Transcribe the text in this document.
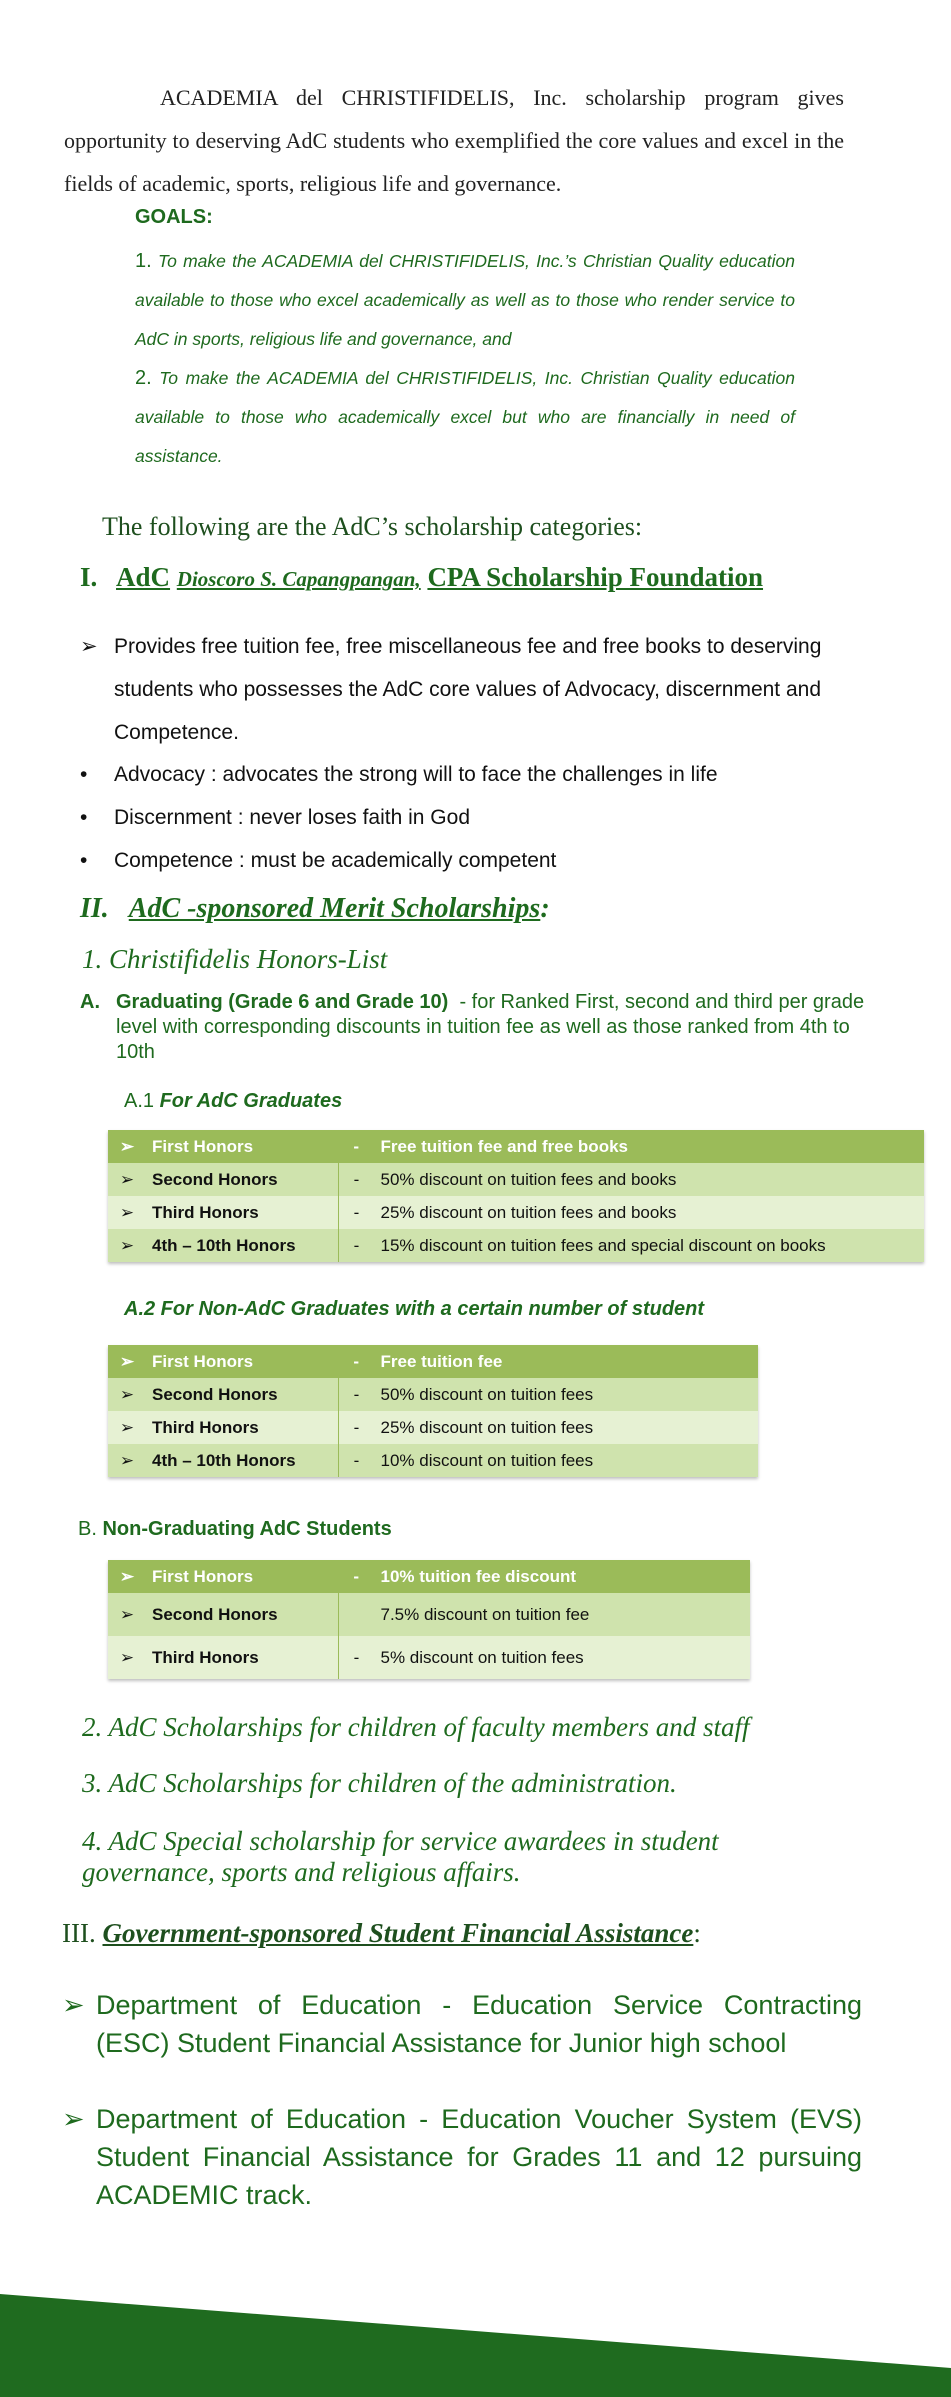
ACADEMIA del CHRISTIFIDELIS, Inc. scholarship program gives opportunity to deserving AdC students who exemplified the core values and excel in the fields of academic, sports, religious life and governance.

GOALS:
1. To make the ACADEMIA del CHRISTIFIDELIS, Inc.’s Christian Quality education available to those who excel academically as well as to those who render service to AdC in sports, religious life and governance, and
2. To make the ACADEMIA del CHRISTIFIDELIS, Inc. Christian Quality education available to those who academically excel but who are financially in need of assistance.
The following are the AdC’s scholarship categories:
I. AdC Dioscoro S. Capangpangan, CPA Scholarship Foundation
➢ Provides free tuition fee, free miscellaneous fee and free books to deserving students who possesses the AdC core values of Advocacy, discernment and Competence.
•	Advocacy : advocates the strong will to face the challenges in life
•	Discernment : never loses faith in God
•	Competence : must be academically competent
II. AdC -sponsored Merit Scholarships:
1. Christifidelis Honors-List
A. Graduating (Grade 6 and Grade 10) - for Ranked First, second and third per grade level with corresponding discounts in tuition fee as well as those ranked from 4th to 10th
A.1 For AdC Graduates
➢	First Honors	-	Free tuition fee and free books
➢	Second Honors	-	50% discount on tuition fees and books
➢	Third Honors	-	25% discount on tuition fees and books
➢	4th – 10th Honors	-	15% discount on tuition fees and special discount on books
A.2 For Non-AdC Graduates with a certain number of student
➢	First Honors	-	Free tuition fee
➢	Second Honors	-	50% discount on tuition fees
➢	Third Honors	-	25% discount on tuition fees
➢	4th – 10th Honors	-	10% discount on tuition fees
B. Non-Graduating AdC Students
➢	First Honors	-	10% tuition fee discount
➢	Second Honors		7.5% discount on tuition fee
➢	Third Honors	-	5% discount on tuition fees
2. AdC Scholarships for children of faculty members and staff
3. AdC Scholarships for children of the administration.
4. AdC Special scholarship for service awardees in student governance, sports and religious affairs.
III. Government-sponsored Student Financial Assistance:
➢ Department of Education - Education Service Contracting (ESC) Student Financial Assistance for Junior high school
➢ Department of Education - Education Voucher System (EVS) Student Financial Assistance for Grades 11 and 12 pursuing ACADEMIC track.
